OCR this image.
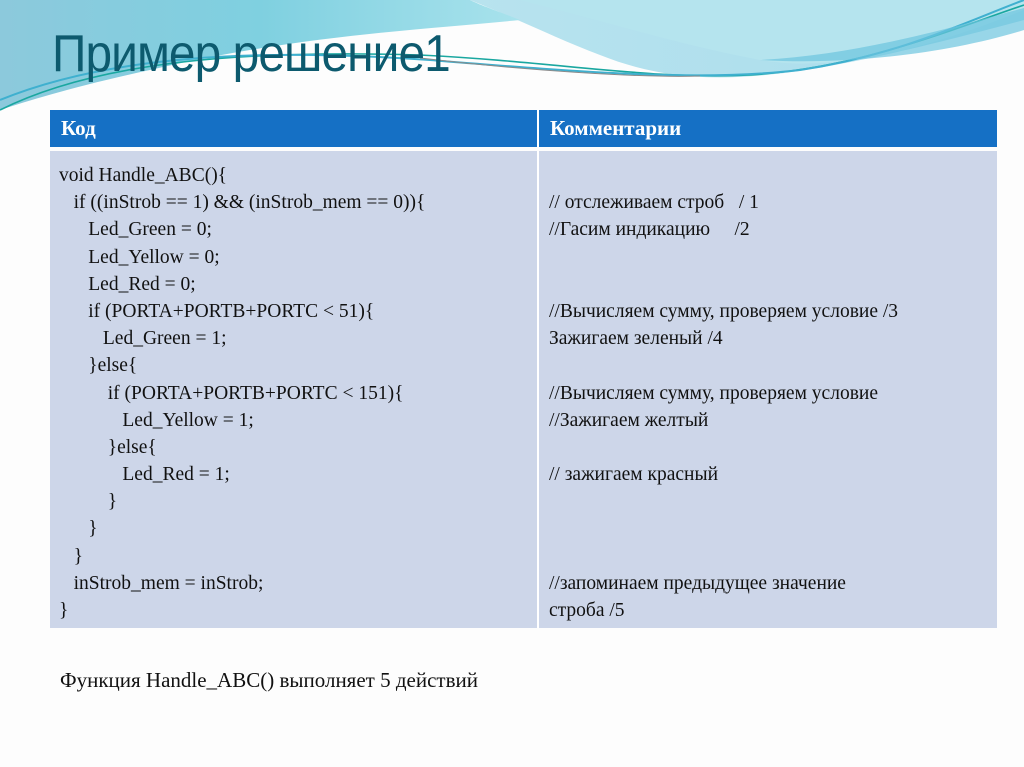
Пример решение1
Код	Комментарии
void Handle_ABC(){
if ((inStrob == 1) && (inStrob_mem == 0)){
Led_Green = 0;
Led_Yellow = 0;
Led_Red = 0;
if (PORTA+PORTB+PORTC < 51){
Led_Green = 1;
}else{
if (PORTA+PORTB+PORTC < 151){
Led_Yellow = 1;
}else{
Led_Red = 1;
}
}
}
inStrob_mem = inStrob;
}
// отслеживаем строб   / 1
//Гасим индикацию     /2
//Вычисляем сумму, проверяем условие /3
Зажигаем зеленый /4
//Вычисляем сумму, проверяем условие
//Зажигаем желтый
// зажигаем красный
//запоминаем предыдущее значение
строба /5
Функция Handle_ABC() выполняет 5 действий
